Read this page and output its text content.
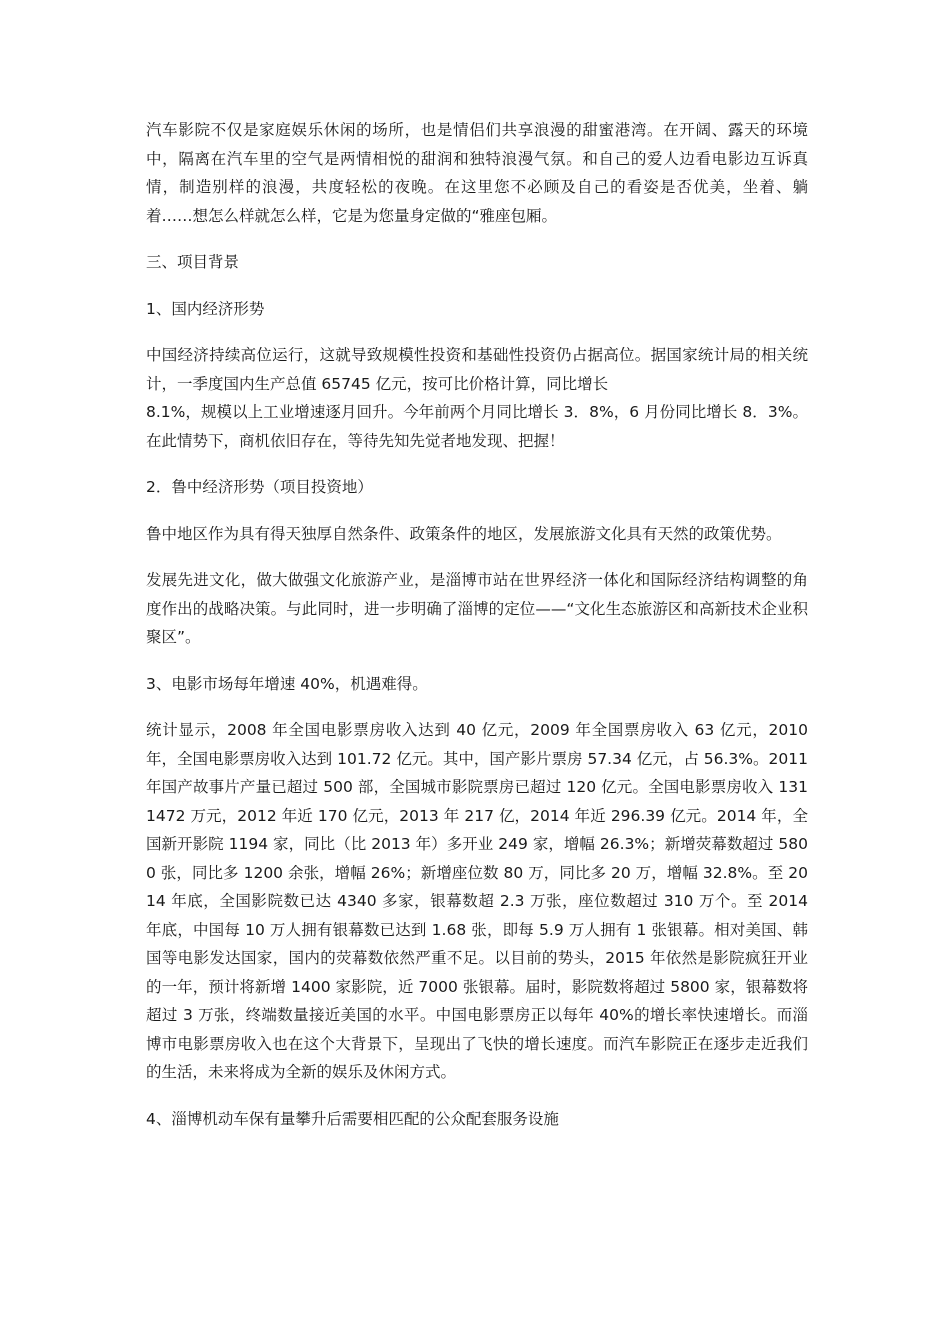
汽车影院不仅是家庭娱乐休闲的场所，也是情侣们共享浪漫的甜蜜港湾。在开阔、露天的环境中，隔离在汽车里的空气是两情相悦的甜润和独特浪漫气氛。和自己的爱人边看电影边互诉真情，制造别样的浪漫，共度轻松的夜晚。在这里您不必顾及自己的看姿是否优美，坐着、躺着……想怎么样就怎么样，它是为您量身定做的“雅座包厢。

三、项目背景

1、国内经济形势

中国经济持续高位运行，这就导致规模性投资和基础性投资仍占据高位。据国家统计局的相关统计，一季度国内生产总值 65745 亿元，按可比价格计算，同比增长
8.1%，规模以上工业增速逐月回升。今年前两个月同比增长 3．8%，6 月份同比增长 8．3%。在此情势下，商机依旧存在，等待先知先觉者地发现、把握！

2．鲁中经济形势（项目投资地）

鲁中地区作为具有得天独厚自然条件、政策条件的地区，发展旅游文化具有天然的政策优势。

发展先进文化，做大做强文化旅游产业，是淄博市站在世界经济一体化和国际经济结构调整的角度作出的战略决策。与此同时，进一步明确了淄博的定位——“文化生态旅游区和高新技术企业积聚区”。

3、电影市场每年增速 40%，机遇难得。

统计显示，2008 年全国电影票房收入达到 40 亿元，2009 年全国票房收入 63 亿元，2010 年，全国电影票房收入达到 101.72 亿元。其中，国产影片票房 57.34 亿元，占 56.3%。2011 年国产故事片产量已超过 500 部，全国城市影院票房已超过 120 亿元。全国电影票房收入 1311472 万元，2012 年近 170 亿元，2013 年 217 亿，2014 年近 296.39 亿元。2014 年，全国新开影院 1194 家，同比（比 2013 年）多开业 249 家，增幅 26.3%；新增荧幕数超过 5800 张，同比多 1200 余张，增幅 26%；新增座位数 80 万，同比多 20 万，增幅 32.8%。至 2014 年底，全国影院数已达 4340 多家，银幕数超 2.3 万张，座位数超过 310 万个。至 2014 年底，中国每 10 万人拥有银幕数已达到 1.68 张，即每 5.9 万人拥有 1 张银幕。相对美国、韩国等电影发达国家，国内的荧幕数依然严重不足。以目前的势头，2015 年依然是影院疯狂开业的一年，预计将新增 1400 家影院，近 7000 张银幕。届时，影院数将超过 5800 家，银幕数将超过 3 万张，终端数量接近美国的水平。中国电影票房正以每年 40%的增长率快速增长。而淄博市电影票房收入也在这个大背景下，呈现出了飞快的增长速度。而汽车影院正在逐步走近我们的生活，未来将成为全新的娱乐及休闲方式。

4、淄博机动车保有量攀升后需要相匹配的公众配套服务设施
